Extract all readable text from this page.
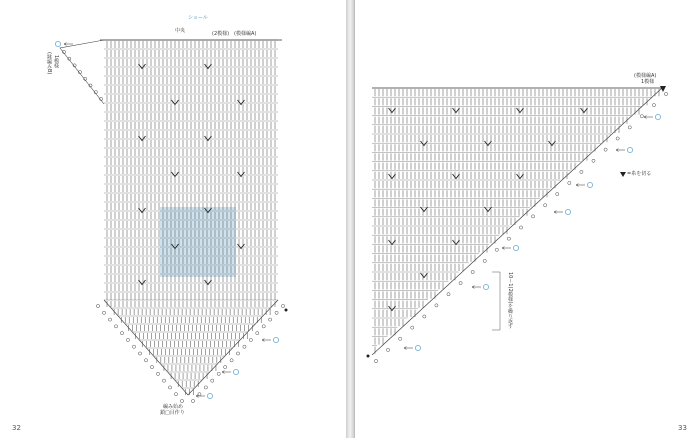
ショール
中央	(2模様) (模様編A)
(縁編みB) 1模様
編み始め
鎖□目作り
32
(模様編A)
1模様
=糸を切る
10〜1(2模様)を繰り返す
33
